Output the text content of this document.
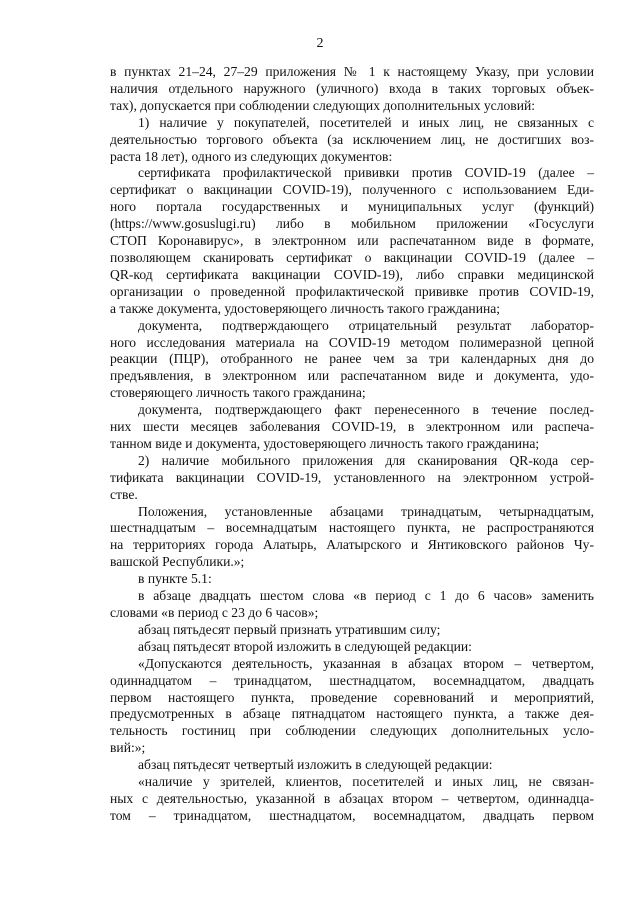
2
в пунктах 21–24, 27–29 приложения № 1 к настоящему Указу, при условии
наличия отдельного наружного (уличного) входа в таких торговых объек-
тах), допускается при соблюдении следующих дополнительных условий:
1) наличие у покупателей, посетителей и иных лиц, не связанных с
деятельностью торгового объекта (за исключением лиц, не достигших воз-
раста 18 лет), одного из следующих документов:
сертификата профилактической прививки против COVID-19 (далее –
сертификат о вакцинации COVID-19), полученного с использованием Еди-
ного портала государственных и муниципальных услуг (функций)
(https://www.gosuslugi.ru) либо в мобильном приложении «Госуслуги
СТОП Коронавирус», в электронном или распечатанном виде в формате,
позволяющем сканировать сертификат о вакцинации COVID-19 (далее –
QR-код сертификата вакцинации COVID-19), либо справки медицинской
организации о проведенной профилактической прививке против COVID-19,
а также документа, удостоверяющего личность такого гражданина;
документа, подтверждающего отрицательный результат лаборатор-
ного исследования материала на COVID-19 методом полимеразной цепной
реакции (ПЦР), отобранного не ранее чем за три календарных дня до
предъявления, в электронном или распечатанном виде и документа, удо-
стоверяющего личность такого гражданина;
документа, подтверждающего факт перенесенного в течение послед-
них шести месяцев заболевания COVID-19, в электронном или распеча-
танном виде и документа, удостоверяющего личность такого гражданина;
2) наличие мобильного приложения для сканирования QR-кода сер-
тификата вакцинации COVID-19, установленного на электронном устрой-
стве.
Положения, установленные абзацами тринадцатым, четырнадцатым,
шестнадцатым – восемнадцатым настоящего пункта, не распространяются
на территориях города Алатырь, Алатырского и Янтиковского районов Чу-
вашской Республики.»;
в пункте 5.1:
в абзаце двадцать шестом слова «в период с 1 до 6 часов» заменить
словами «в период с 23 до 6 часов»;
абзац пятьдесят первый признать утратившим силу;
абзац пятьдесят второй изложить в следующей редакции:
«Допускаются деятельность, указанная в абзацах втором – четвертом,
одиннадцатом – тринадцатом, шестнадцатом, восемнадцатом, двадцать
первом настоящего пункта, проведение соревнований и мероприятий,
предусмотренных в абзаце пятнадцатом настоящего пункта, а также дея-
тельность гостиниц при соблюдении следующих дополнительных усло-
вий:»;
абзац пятьдесят четвертый изложить в следующей редакции:
«наличие у зрителей, клиентов, посетителей и иных лиц, не связан-
ных с деятельностью, указанной в абзацах втором – четвертом, одиннадца-
том – тринадцатом, шестнадцатом, восемнадцатом, двадцать первом
